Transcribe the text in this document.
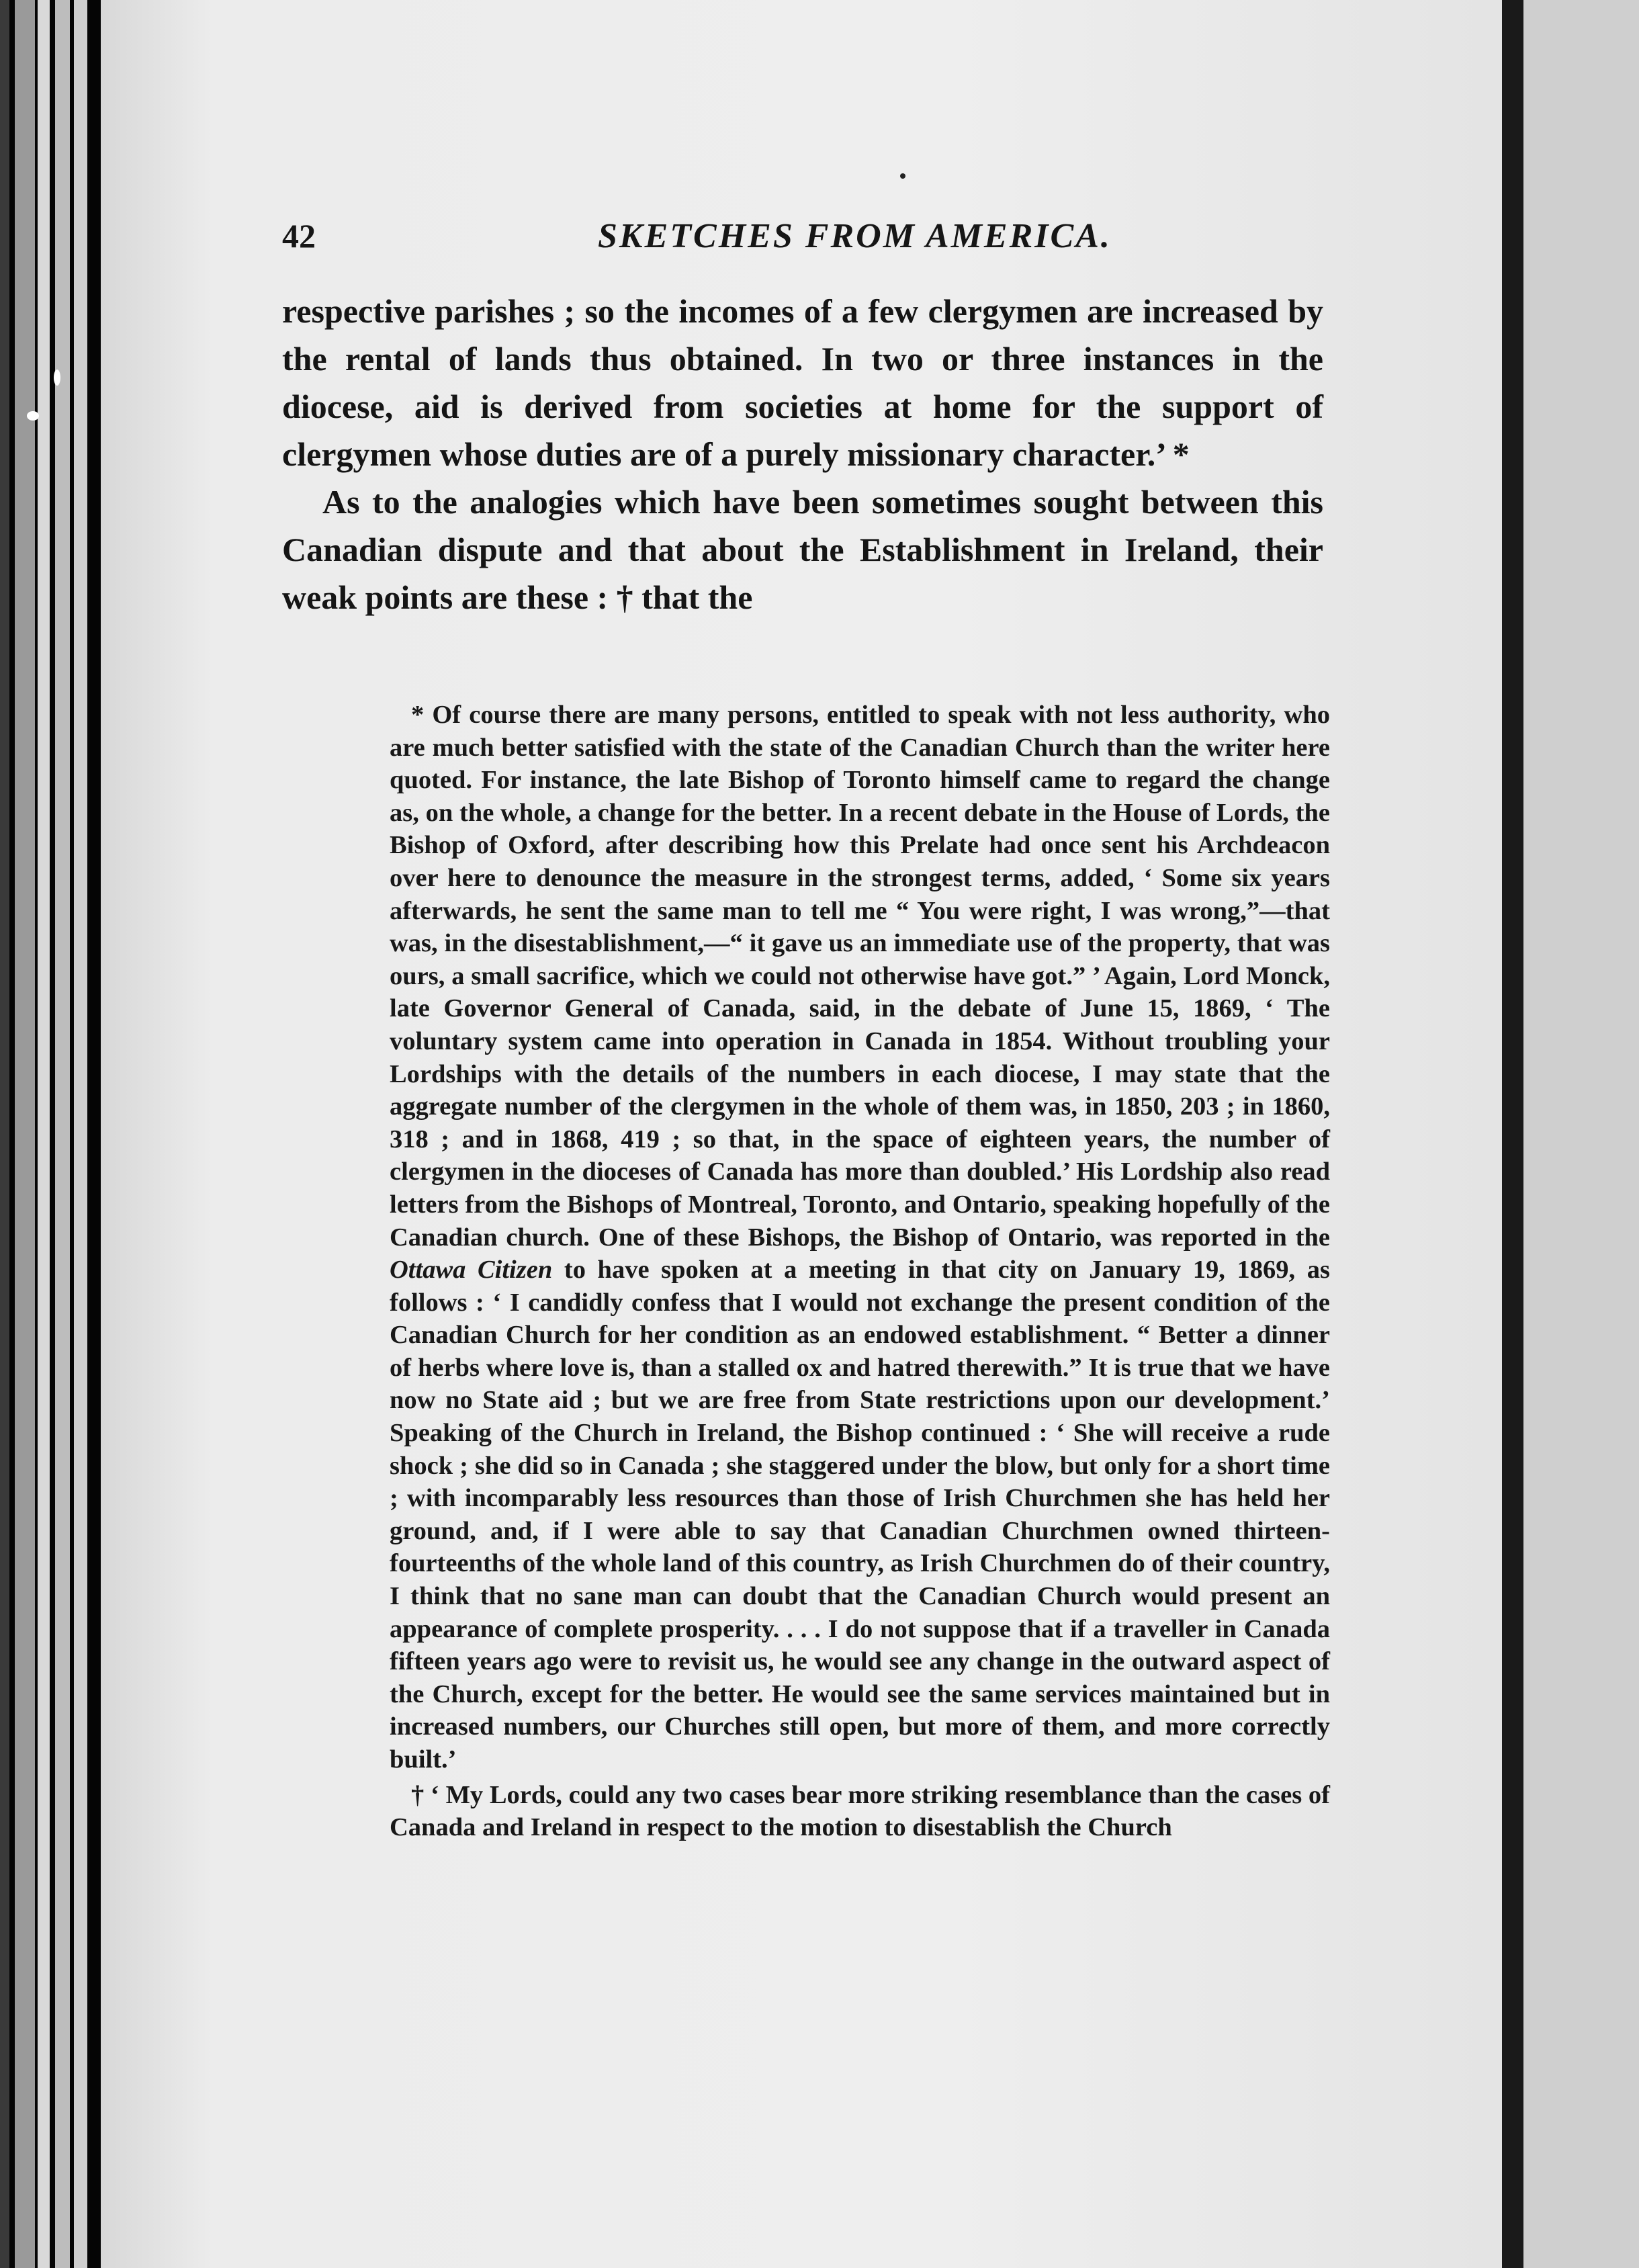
42	SKETCHES FROM AMERICA.

respective parishes ; so the incomes of a few clergymen are increased by the rental of lands thus obtained. In two or three instances in the diocese, aid is derived from societies at home for the support of clergymen whose duties are of a purely missionary character.’ *

As to the analogies which have been sometimes sought between this Canadian dispute and that about the Establishment in Ireland, their weak points are these : † that the

* Of course there are many persons, entitled to speak with not less authority, who are much better satisfied with the state of the Canadian Church than the writer here quoted. For instance, the late Bishop of Toronto himself came to regard the change as, on the whole, a change for the better. In a recent debate in the House of Lords, the Bishop of Oxford, after describing how this Prelate had once sent his Archdeacon over here to denounce the measure in the strongest terms, added, ‘ Some six years afterwards, he sent the same man to tell me “ You were right, I was wrong,”—that was, in the disestablishment,—“ it gave us an immediate use of the property, that was ours, a small sacrifice, which we could not otherwise have got.” ’ Again, Lord Monck, late Governor General of Canada, said, in the debate of June 15, 1869, ‘ The voluntary system came into operation in Canada in 1854. Without troubling your Lordships with the details of the numbers in each diocese, I may state that the aggregate number of the clergymen in the whole of them was, in 1850, 203 ; in 1860, 318 ; and in 1868, 419 ; so that, in the space of eighteen years, the number of clergymen in the dioceses of Canada has more than doubled.’ His Lordship also read letters from the Bishops of Montreal, Toronto, and Ontario, speaking hopefully of the Canadian church. One of these Bishops, the Bishop of Ontario, was reported in the Ottawa Citizen to have spoken at a meeting in that city on January 19, 1869, as follows : ‘ I candidly confess that I would not exchange the present condition of the Canadian Church for her condition as an endowed establishment. “ Better a dinner of herbs where love is, than a stalled ox and hatred therewith.” It is true that we have now no State aid ; but we are free from State restrictions upon our development.’ Speaking of the Church in Ireland, the Bishop continued : ‘ She will receive a rude shock ; she did so in Canada ; she staggered under the blow, but only for a short time ; with incomparably less resources than those of Irish Churchmen she has held her ground, and, if I were able to say that Canadian Churchmen owned thirteen-fourteenths of the whole land of this country, as Irish Churchmen do of their country, I think that no sane man can doubt that the Canadian Church would present an appearance of complete prosperity. . . . I do not suppose that if a traveller in Canada fifteen years ago were to revisit us, he would see any change in the outward aspect of the Church, except for the better. He would see the same services maintained but in increased numbers, our Churches still open, but more of them, and more correctly built.’

† ‘ My Lords, could any two cases bear more striking resemblance than the cases of Canada and Ireland in respect to the motion to disestablish the Church
